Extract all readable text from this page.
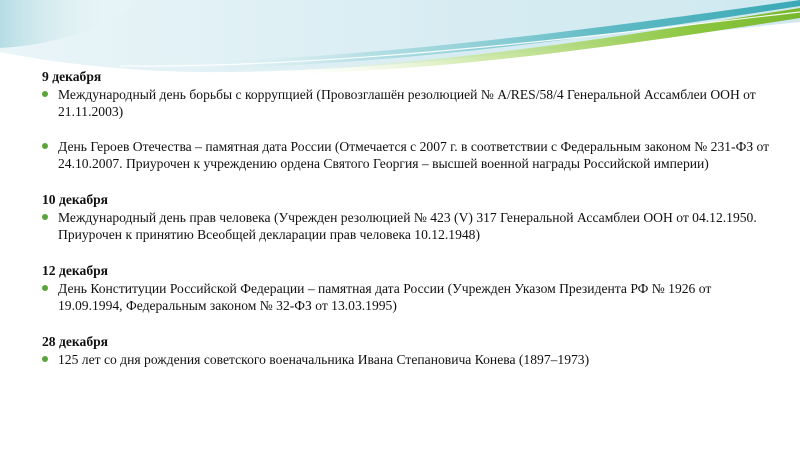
9 декабря
Международный день борьбы с коррупцией (Провозглашён резолюцией № A/RES/58/4 Генеральной Ассамблеи ООН от 21.11.2003)
День Героев Отечества – памятная дата России (Отмечается с 2007 г. в соответствии с Федеральным законом № 231-ФЗ от 24.10.2007. Приурочен к учреждению ордена Святого Георгия – высшей военной награды Российской империи)
10 декабря
Международный день прав человека (Учрежден резолюцией № 423 (V) 317 Генеральной Ассамблеи ООН от 04.12.1950. Приурочен к принятию Всеобщей декларации прав человека 10.12.1948)
12 декабря
День Конституции Российской Федерации – памятная дата России (Учрежден Указом Президента РФ № 1926 от 19.09.1994, Федеральным законом № 32-ФЗ от 13.03.1995)
28 декабря
125 лет со дня рождения советского военачальника Ивана Степановича Конева (1897–1973)
